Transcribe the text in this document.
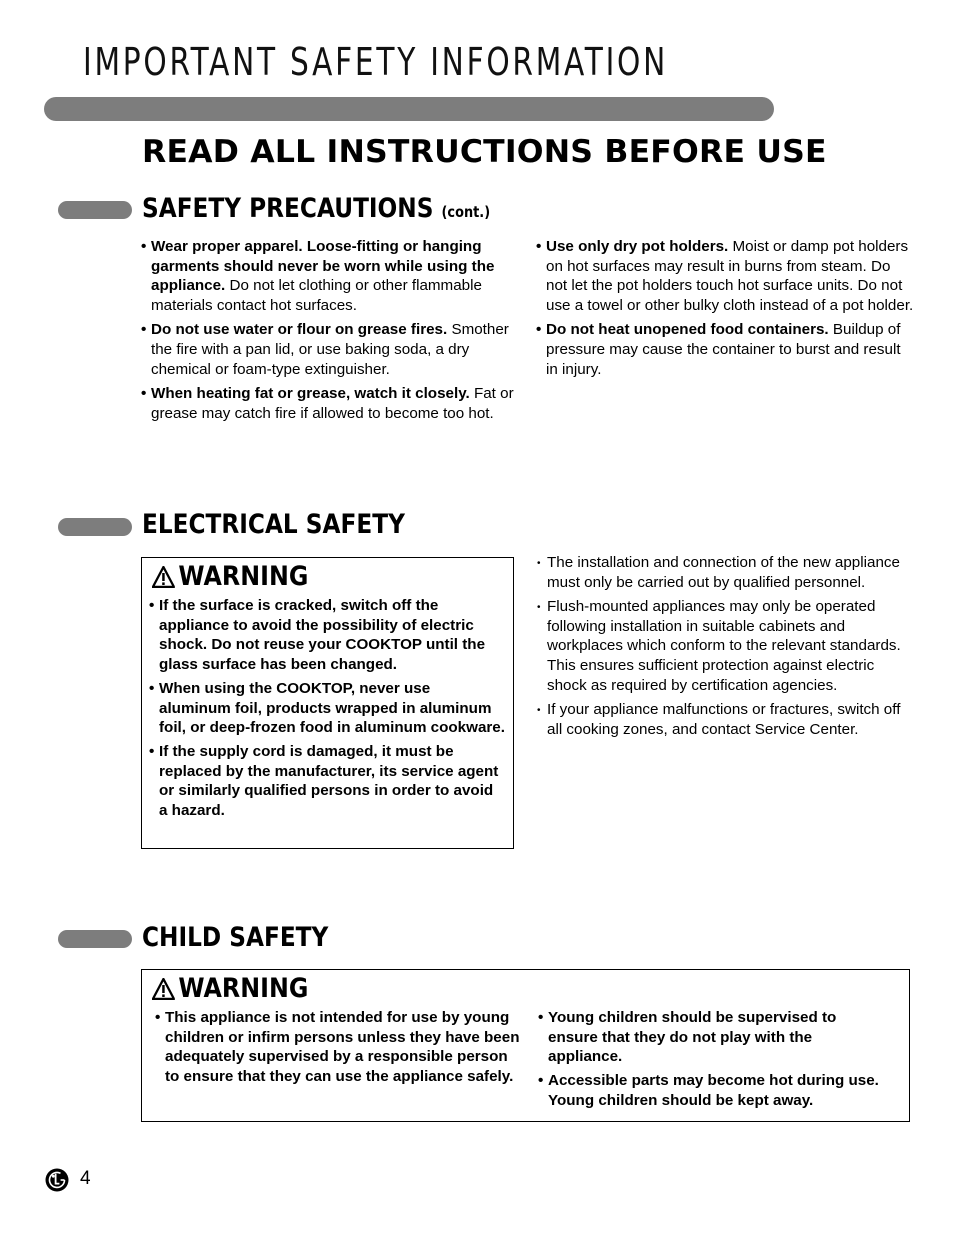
IMPORTANT SAFETY INFORMATION
READ ALL INSTRUCTIONS BEFORE USE
SAFETY PRECAUTIONS (cont.)

• Wear proper apparel. Loose-fitting or hanging garments should never be worn while using the appliance. Do not let clothing or other flammable materials contact hot surfaces.

• Do not use water or flour on grease fires. Smother the fire with a pan lid, or use baking soda, a dry chemical or foam-type extinguisher.

• When heating fat or grease, watch it closely. Fat or grease may catch fire if allowed to become too hot.

• Use only dry pot holders. Moist or damp pot holders on hot surfaces may result in burns from steam. Do not let the pot holders touch hot surface units. Do not use a towel or other bulky cloth instead of a pot holder.

• Do not heat unopened food containers. Buildup of pressure may cause the container to burst and result in injury.

ELECTRICAL SAFETY
WARNING

• If the surface is cracked, switch off the appliance to avoid the possibility of electric shock. Do not reuse your COOKTOP until the glass surface has been changed.

• When using the COOKTOP, never use aluminum foil, products wrapped in aluminum foil, or deep-frozen food in aluminum cookware.

• If the supply cord is damaged, it must be replaced by the manufacturer, its service agent or similarly qualified persons in order to avoid a hazard.

• The installation and connection of the new appliance must only be carried out by qualified personnel.

• Flush-mounted appliances may only be operated following installation in suitable cabinets and workplaces which conform to the relevant standards. This ensures sufficient protection against electric shock as required by certification agencies.

• If your appliance malfunctions or fractures, switch off all cooking zones, and contact Service Center.

CHILD SAFETY
WARNING

• This appliance is not intended for use by young children or infirm persons unless they have been adequately supervised by a responsible person to ensure that they can use the appliance safely.

• Young children should be supervised to ensure that they do not play with the appliance.

• Accessible parts may become hot during use. Young children should be kept away.

4
